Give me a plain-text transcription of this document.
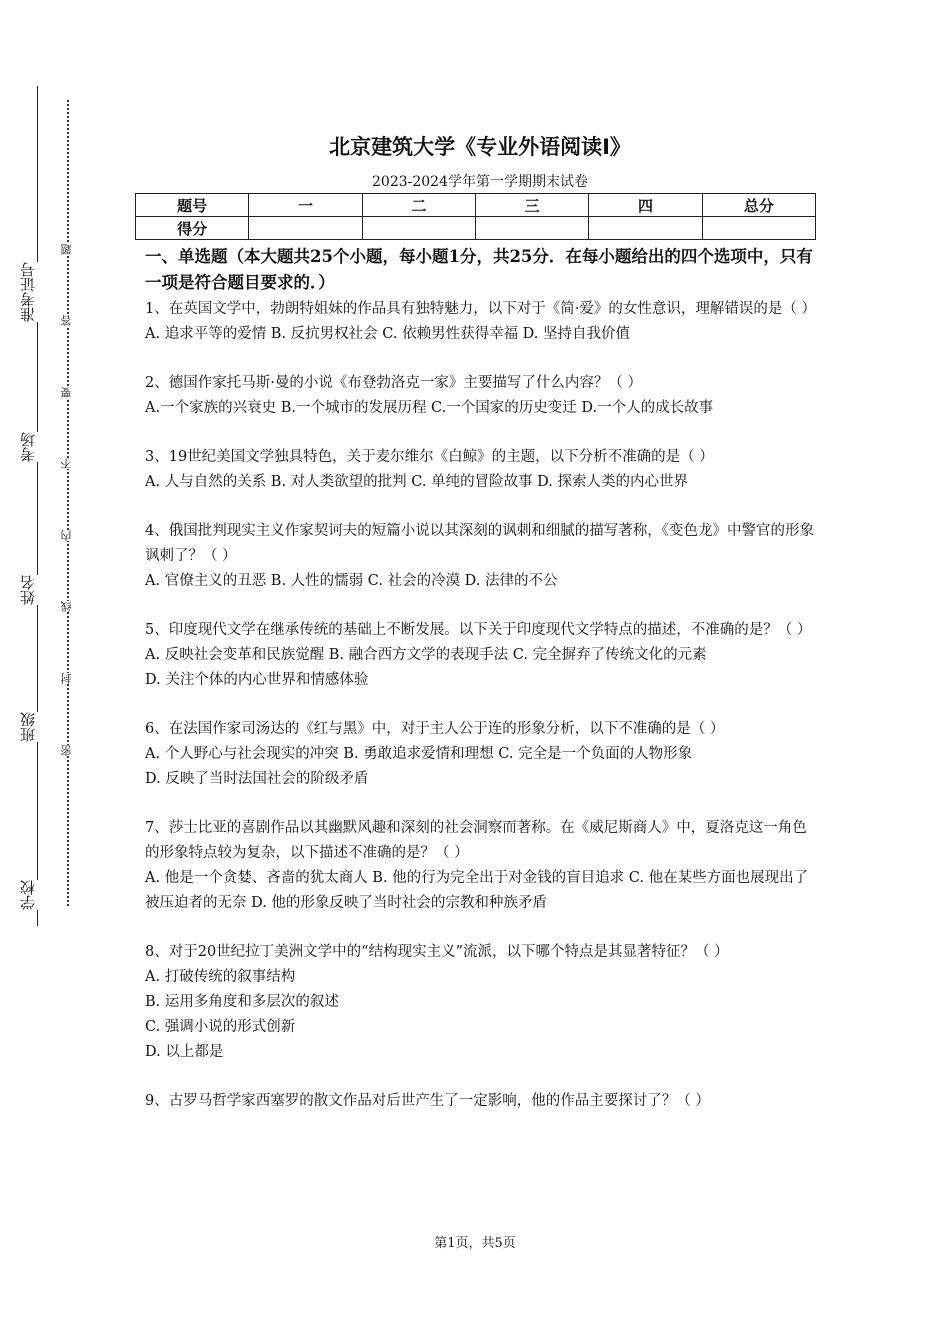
准考证号
考场
姓名
班级
学校
题
答
要
不
内
线
封
密
北京建筑大学《专业外语阅读I》
2023-2024学年第一学期期末试卷
题号	一	二	三	四	总分
得分					
一、单选题（本大题共25个小题，每小题1分，共25分．在每小题给出的四个选项中，只有一项是符合题目要求的．）
1、在英国文学中，勃朗特姐妹的作品具有独特魅力，以下对于《简·爱》的女性意识，理解错误的是（ ）
A. 追求平等的爱情 B. 反抗男权社会 C. 依赖男性获得幸福 D. 坚持自我价值
2、德国作家托马斯·曼的小说《布登勃洛克一家》主要描写了什么内容？（ ）
A.一个家族的兴衰史 B.一个城市的发展历程 C.一个国家的历史变迁 D.一个人的成长故事
3、19世纪美国文学独具特色，关于麦尔维尔《白鲸》的主题，以下分析不准确的是（ ）
A. 人与自然的关系 B. 对人类欲望的批判 C. 单纯的冒险故事 D. 探索人类的内心世界
4、俄国批判现实主义作家契诃夫的短篇小说以其深刻的讽刺和细腻的描写著称，《变色龙》中警官的形象讽刺了？（ ）
A. 官僚主义的丑恶 B. 人性的懦弱 C. 社会的冷漠 D. 法律的不公
5、印度现代文学在继承传统的基础上不断发展。以下关于印度现代文学特点的描述，不准确的是？（ ）
A. 反映社会变革和民族觉醒 B. 融合西方文学的表现手法 C. 完全摒弃了传统文化的元素
D. 关注个体的内心世界和情感体验
6、在法国作家司汤达的《红与黑》中，对于主人公于连的形象分析，以下不准确的是（ ）
A. 个人野心与社会现实的冲突 B. 勇敢追求爱情和理想 C. 完全是一个负面的人物形象
D. 反映了当时法国社会的阶级矛盾
7、莎士比亚的喜剧作品以其幽默风趣和深刻的社会洞察而著称。在《威尼斯商人》中，夏洛克这一角色的形象特点较为复杂，以下描述不准确的是？（ ）
A. 他是一个贪婪、吝啬的犹太商人 B. 他的行为完全出于对金钱的盲目追求 C. 他在某些方面也展现出了被压迫者的无奈 D. 他的形象反映了当时社会的宗教和种族矛盾
8、对于20世纪拉丁美洲文学中的“结构现实主义”流派，以下哪个特点是其显著特征？（ ）
A. 打破传统的叙事结构
B. 运用多角度和多层次的叙述
C. 强调小说的形式创新
D. 以上都是
9、古罗马哲学家西塞罗的散文作品对后世产生了一定影响，他的作品主要探讨了？（ ）
第1页，共5页
